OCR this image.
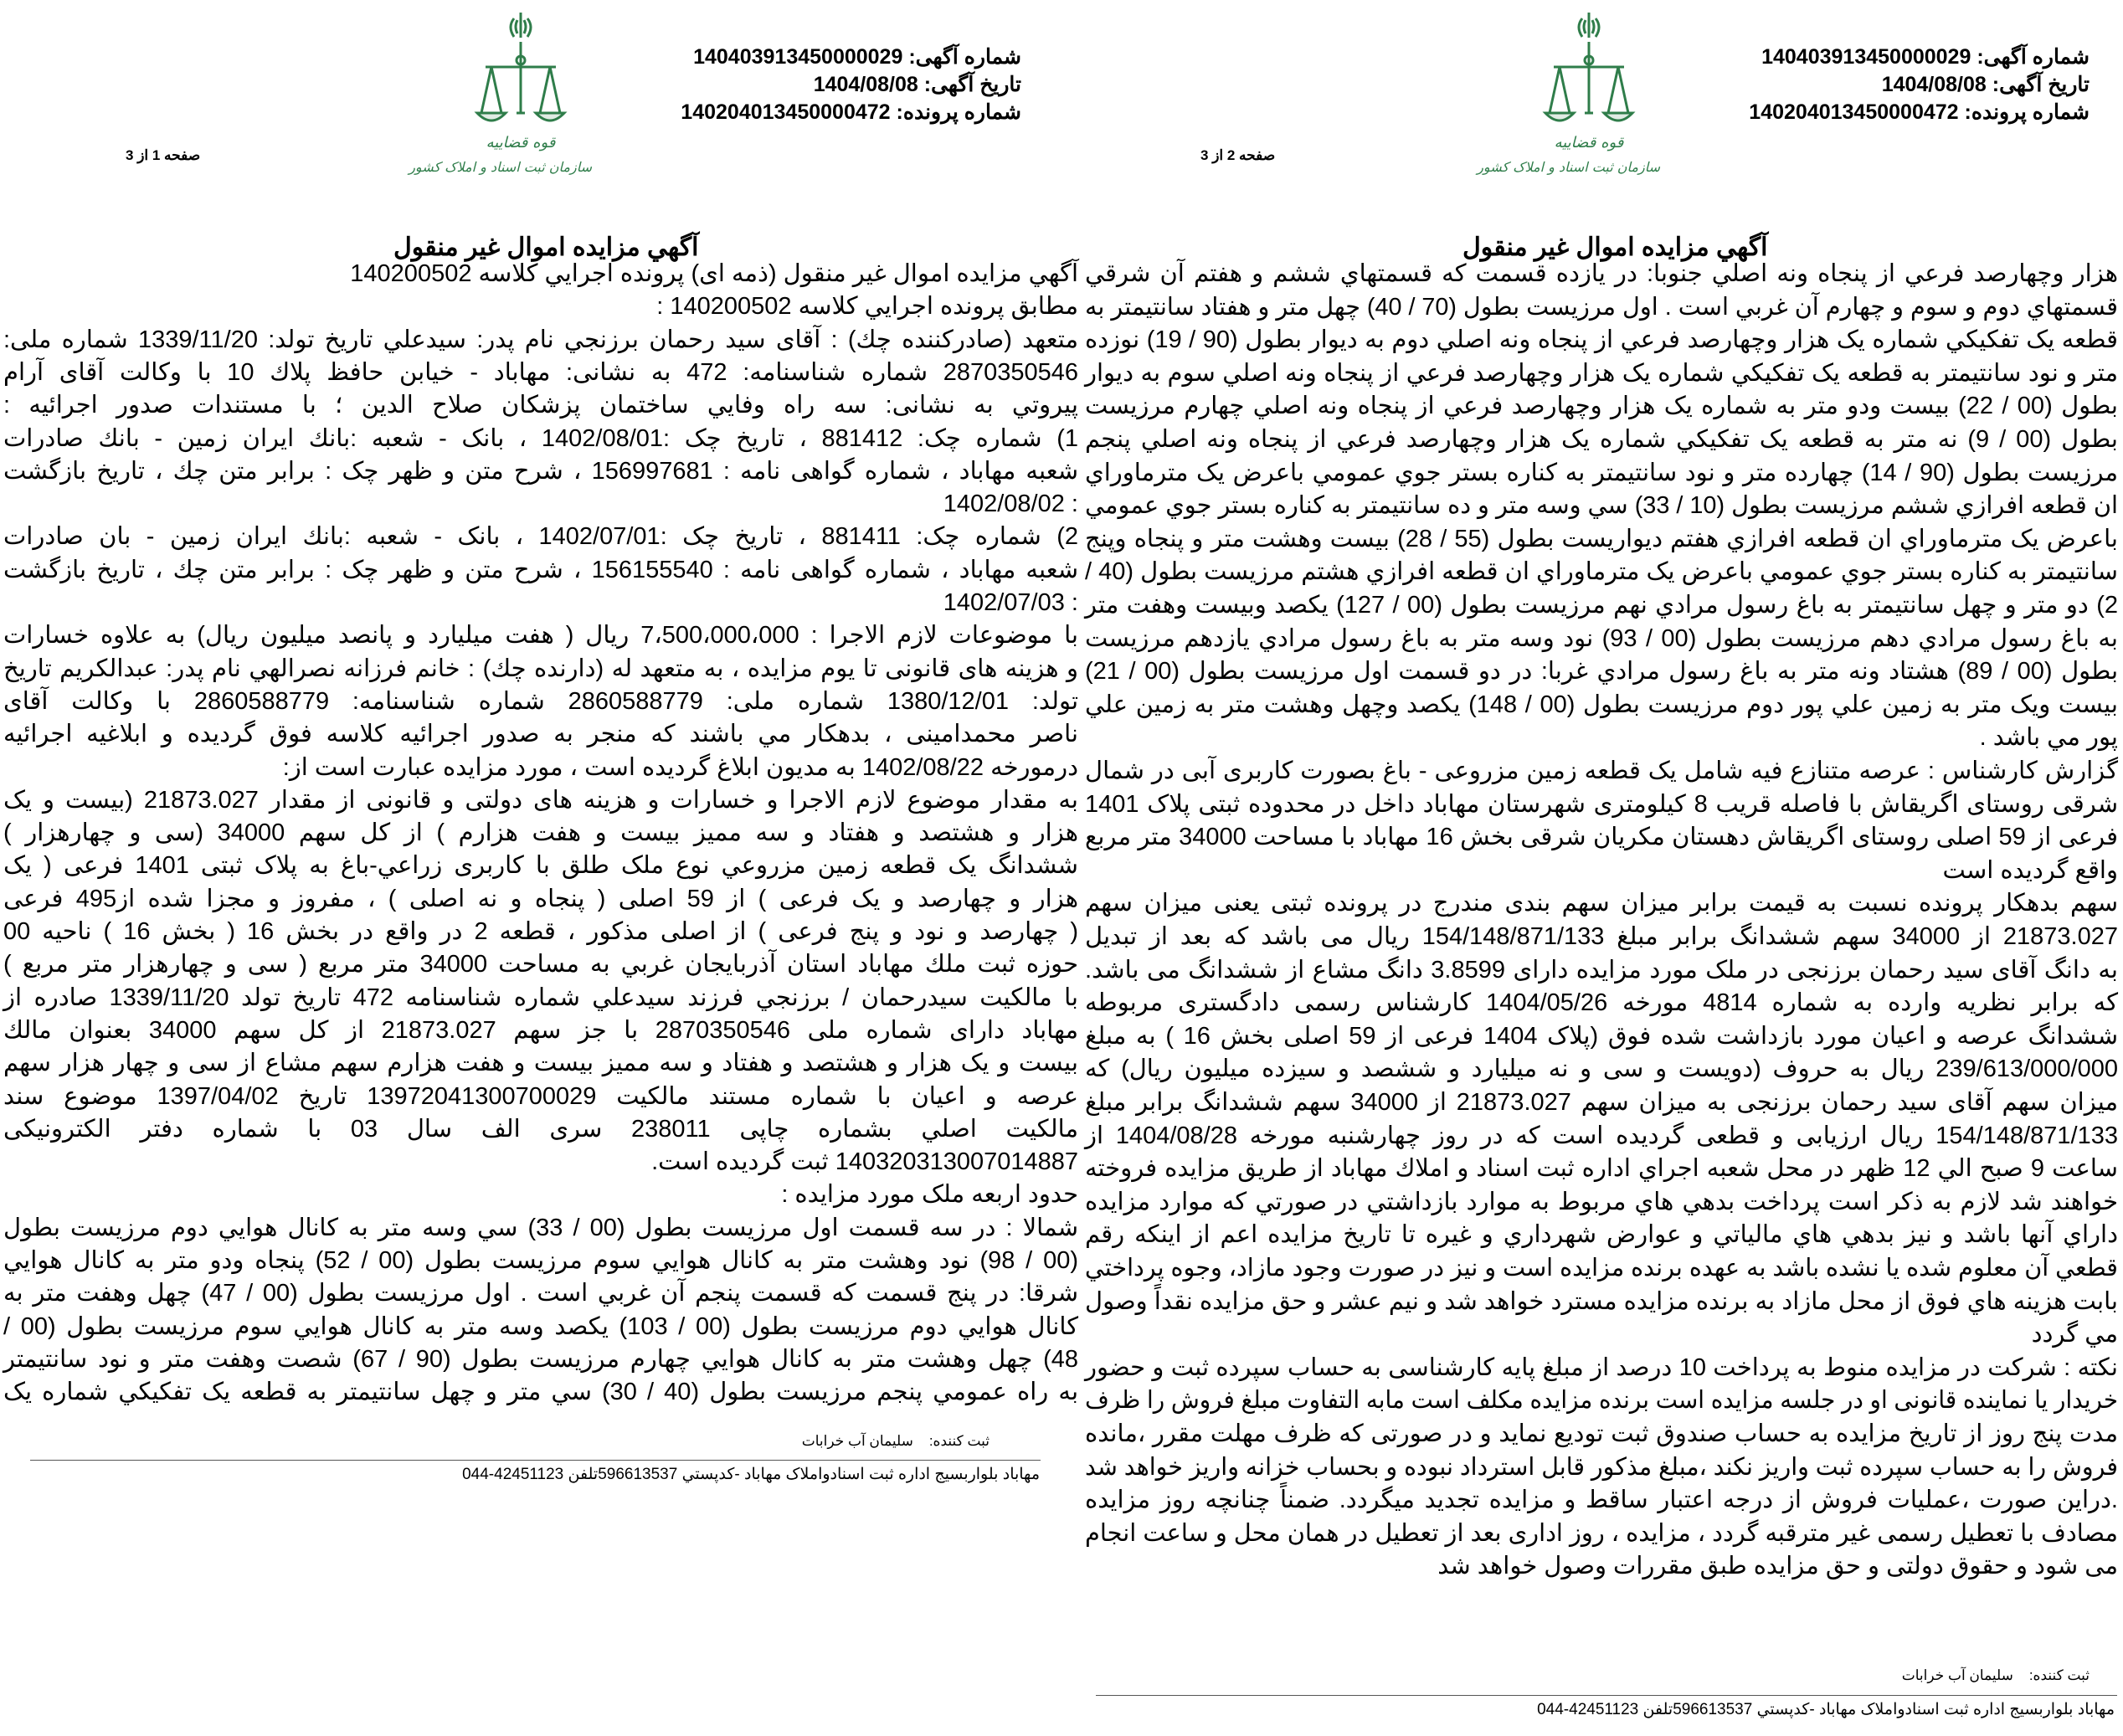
شماره آگهی: 140403913450000029
تاریخ آگهی: 1404/08/08
شماره پرونده: 140204013450000472
قوه قضاییه
سازمان ثبت اسناد و املاک کشور
صفحه 1 از 3
آگهي مزايده اموال غير منقول
آگهي مزايده اموال غير منقول (ذمه ای) پرونده اجرايي كلاسه 140200502
مطابق پرونده اجرايي كلاسه 140200502 :
متعهد (صادركننده چك) : آقای سيد رحمان برزنجي نام پدر: سيدعلي تاريخ تولد: 1339/11/20 شماره ملی:
2870350546 شماره شناسنامه: 472 به نشانی: مهاباد - خيابن حافظ پلاك 10 با وكالت آقای آرام
پيروتي به نشانی: سه راه وفايي ساختمان پزشكان صلاح الدين ؛ با مستندات صدور اجرائيه :
1) شماره چک: 881412 ، تاريخ چک :1402/08/01 ، بانک - شعبه :بانك ايران زمين - بانك صادرات
شعبه مهاباد ، شماره گواهی نامه : 156997681 ، شرح متن و ظهر چک : برابر متن چك ، تاريخ بازگشت
: 1402/08/02
2) شماره چک: 881411 ، تاريخ چک :1402/07/01 ، بانک - شعبه :بانك ايران زمين - بان صادرات
شعبه مهاباد ، شماره گواهی نامه : 156155540 ، شرح متن و ظهر چک : برابر متن چك ، تاريخ بازگشت
: 1402/07/03
با موضوعات لازم الاجرا : 7،500،000،000 ريال ( هفت ميليارد و پانصد ميليون ريال) به علاوه خسارات
و هزينه های قانونی تا يوم مزايده ، به متعهد له (دارنده چك) : خانم فرزانه نصرالهي نام پدر: عبدالكريم تاريخ
تولد: 1380/12/01 شماره ملی: 2860588779 شماره شناسنامه: 2860588779 با وكالت آقای
ناصر محمدامینی ، بدهکار مي باشند كه منجر به صدور اجرائيه كلاسه فوق گرديده و ابلاغيه اجرائيه
درمورخه 1402/08/22 به مديون ابلاغ گرديده است ، مورد مزايده عبارت است از:
به مقدار موضوع لازم الاجرا و خسارات و هزينه های دولتی و قانونی از مقدار 21873.027 (بيست و يک
هزار و هشتصد و هفتاد و سه مميز بيست و هفت هزارم ) از كل سهم 34000 (سی و چهارهزار )
ششدانگ يک قطعه زمين مزروعي نوع ملک طلق با کاربری زراعي-باغ به پلاک ثبتی 1401 فرعی ( يک
هزار و چهارصد و يک فرعی ) از 59 اصلی ( پنجاه و نه اصلی ) ، مفروز و مجزا شده از495 فرعی
( چهارصد و نود و پنج فرعی ) از اصلی مذکور ، قطعه 2 در واقع در بخش 16 ( بخش 16 ) ناحيه 00
حوزه ثبت ملك مهاباد استان آذربايجان غربي به مساحت 34000 متر مربع ( سی و چهارهزار متر مربع )
با مالكيت سيدرحمان / برزنجي فرزند سيدعلي شماره شناسنامه 472 تاريخ تولد 1339/11/20 صادره از
مهاباد دارای شماره ملی 2870350546 با جز سهم 21873.027 از كل سهم 34000 بعنوان مالك
بيست و يک هزار و هشتصد و هفتاد و سه مميز بيست و هفت هزارم سهم مشاع از سی و چهار هزار سهم
عرصه و اعيان با شماره مستند مالكيت 13972041300700029 تاريخ 1397/04/02 موضوع سند
مالكيت اصلي بشماره چاپی 238011 سری الف سال 03 با شماره دفتر الكترونيكی
140320313007014887 ثبت گرديده است.
حدود اربعه ملک مورد مزايده :
شمالا : در سه قسمت اول مرزيست بطول (00 / 33) سي وسه متر به كانال هوايي دوم مرزيست بطول
(00 / 98) نود وهشت متر به كانال هوايي سوم مرزيست بطول (00 / 52) پنجاه ودو متر به كانال هوايي
شرقا: در پنج قسمت كه قسمت پنجم آن غربي است . اول مرزيست بطول (00 / 47) چهل وهفت متر به
كانال هوايي دوم مرزيست بطول (00 / 103) يكصد وسه متر به كانال هوايي سوم مرزيست بطول (00 /
48) چهل وهشت متر به كانال هوايي چهارم مرزيست بطول (90 / 67) شصت وهفت متر و نود سانتيمتر
به راه عمومي پنجم مرزيست بطول (40 / 30) سي متر و چهل سانتيمتر به قطعه يک تفكيكي شماره يک
ثبت كننده:    سليمان آب خرابات
مهاباد بلواربسيج اداره ثبت اسنادواملاک مهاباد -كدپستي 596613537تلفن 42451123-044
شماره آگهی: 140403913450000029
تاریخ آگهی: 1404/08/08
شماره پرونده: 140204013450000472
قوه قضاییه
سازمان ثبت اسناد و املاک کشور
صفحه 2 از 3
آگهي مزايده اموال غير منقول
هزار وچهارصد فرعي از پنجاه ونه اصلي جنوبا: در يازده قسمت كه قسمتهاي ششم و هفتم آن شرقي
قسمتهاي دوم و سوم و چهارم آن غربي است . اول مرزيست بطول (70 / 40) چهل متر و هفتاد سانتيمتر به
قطعه يک تفکيکي شماره يک هزار وچهارصد فرعي از پنجاه ونه اصلي دوم به ديوار بطول (90 / 19) نوزده
متر و نود سانتيمتر به قطعه يک تفکيکي شماره يک هزار وچهارصد فرعي از پنجاه ونه اصلي سوم به ديوار
بطول (00 / 22) بيست ودو متر به شماره يک هزار وچهارصد فرعي از پنجاه ونه اصلي چهارم مرزيست
بطول (00 / 9) نه متر به قطعه يک تفکيکي شماره يک هزار وچهارصد فرعي از پنجاه ونه اصلي پنجم
مرزيست بطول (90 / 14) چهارده متر و نود سانتيمتر به كناره بستر جوي عمومي باعرض يک مترماوراي
ان قطعه افرازي ششم مرزيست بطول (10 / 33) سي وسه متر و ده سانتيمتر به كناره بستر جوي عمومي
باعرض يک مترماوراي ان قطعه افرازي هفتم ديواريست بطول (55 / 28) بيست وهشت متر و پنجاه وپنج
سانتيمتر به كناره بستر جوي عمومي باعرض يک مترماوراي ان قطعه افرازي هشتم مرزيست بطول (40 /
2) دو متر و چهل سانتيمتر به باغ رسول مرادي نهم مرزيست بطول (00 / 127) يكصد وبيست وهفت متر
به باغ رسول مرادي دهم مرزيست بطول (00 / 93) نود وسه متر به باغ رسول مرادي يازدهم مرزيست
بطول (00 / 89) هشتاد ونه متر به باغ رسول مرادي غربا: در دو قسمت اول مرزيست بطول (00 / 21)
بيست ويک متر به زمين علي پور دوم مرزيست بطول (00 / 148) يكصد وچهل وهشت متر به زمين علي
پور مي باشد .
گزارش کارشناس : عرصه متنازع فيه شامل یک قطعه زمین مزروعی - باغ بصورت کاربری آبی در شمال
شرقی روستای اگریقاش با فاصله قریب 8 کیلومتری شهرستان مهاباد داخل در محدوده ثبتی پلاک 1401
فرعی از 59 اصلی روستای اگریقاش دهستان مکریان شرقی بخش 16 مهاباد با مساحت 34000 متر مربع
واقع گردیده است
سهم بدهکار پرونده نسبت به قیمت برابر میزان سهم بندی مندرج در پرونده ثبتی یعنی میزان سهم
21873.027 از 34000 سهم ششدانگ برابر مبلغ 154/148/871/133 ریال می باشد که بعد از تبدیل
به دانگ آقای سید رحمان برزنجی در ملک مورد مزایده دارای 3.8599 دانگ مشاع از ششدانگ می باشد.
که برابر نظریه وارده به شماره 4814 مورخه 1404/05/26 کارشناس رسمی دادگستری مربوطه
ششدانگ عرصه و اعیان مورد بازداشت شده فوق (پلاک 1404 فرعی از 59 اصلی بخش 16 ) به مبلغ
239/613/000/000 ریال به حروف (دویست و سی و نه میلیارد و ششصد و سیزده میلیون ریال) که
میزان سهم آقای سید رحمان برزنجی به میزان سهم 21873.027 از 34000 سهم ششدانگ برابر مبلغ
154/148/871/133 ریال ارزیابی و قطعی گردیده است که در روز چهارشنبه مورخه 1404/08/28 از
ساعت 9 صبح الي 12 ظهر در محل شعبه اجراي اداره ثبت اسناد و املاك مهاباد از طريق مزايده فروخته
خواهند شد لازم به ذكر است پرداخت بدهي هاي مربوط به موارد بازداشتي در صورتي كه موارد مزايده
داراي آنها باشد و نيز بدهي هاي مالياتي و عوارض شهرداري و غيره تا تاريخ مزايده اعم از اينكه رقم
قطعي آن معلوم شده يا نشده باشد به عهده برنده مزايده است و نيز در صورت وجود مازاد، وجوه پرداختي
بابت هزينه هاي فوق از محل مازاد به برنده مزايده مسترد خواهد شد و نيم عشر و حق مزايده نقداً وصول
مي گردد
نکته : شرکت در مزایده منوط به پرداخت 10 درصد از مبلغ پایه کارشناسی به حساب سپرده ثبت و حضور
خریدار یا نماینده قانونی او در جلسه مزایده است برنده مزایده مکلف است مابه التفاوت مبلغ فروش را ظرف
مدت پنج روز از تاریخ مزایده به حساب صندوق ثبت تودیع نماید و در صورتی که ظرف مهلت مقرر ،مانده
فروش را به حساب سپرده ثبت واریز نکند ،مبلغ مذکور قابل استرداد نبوده و بحساب خزانه واریز خواهد شد
.دراین صورت ،عملیات فروش از درجه اعتبار ساقط و مزایده تجدید میگردد. ضمناً چنانچه روز مزایده
مصادف با تعطیل رسمی غیر مترقبه گردد ، مزایده ، روز اداری بعد از تعطیل در همان محل و ساعت انجام
می شود و حقوق دولتی و حق مزایده طبق مقررات وصول خواهد شد
ثبت كننده:    سليمان آب خرابات
مهاباد بلواربسيج اداره ثبت اسنادواملاک مهاباد -كدپستي 596613537تلفن 42451123-044
